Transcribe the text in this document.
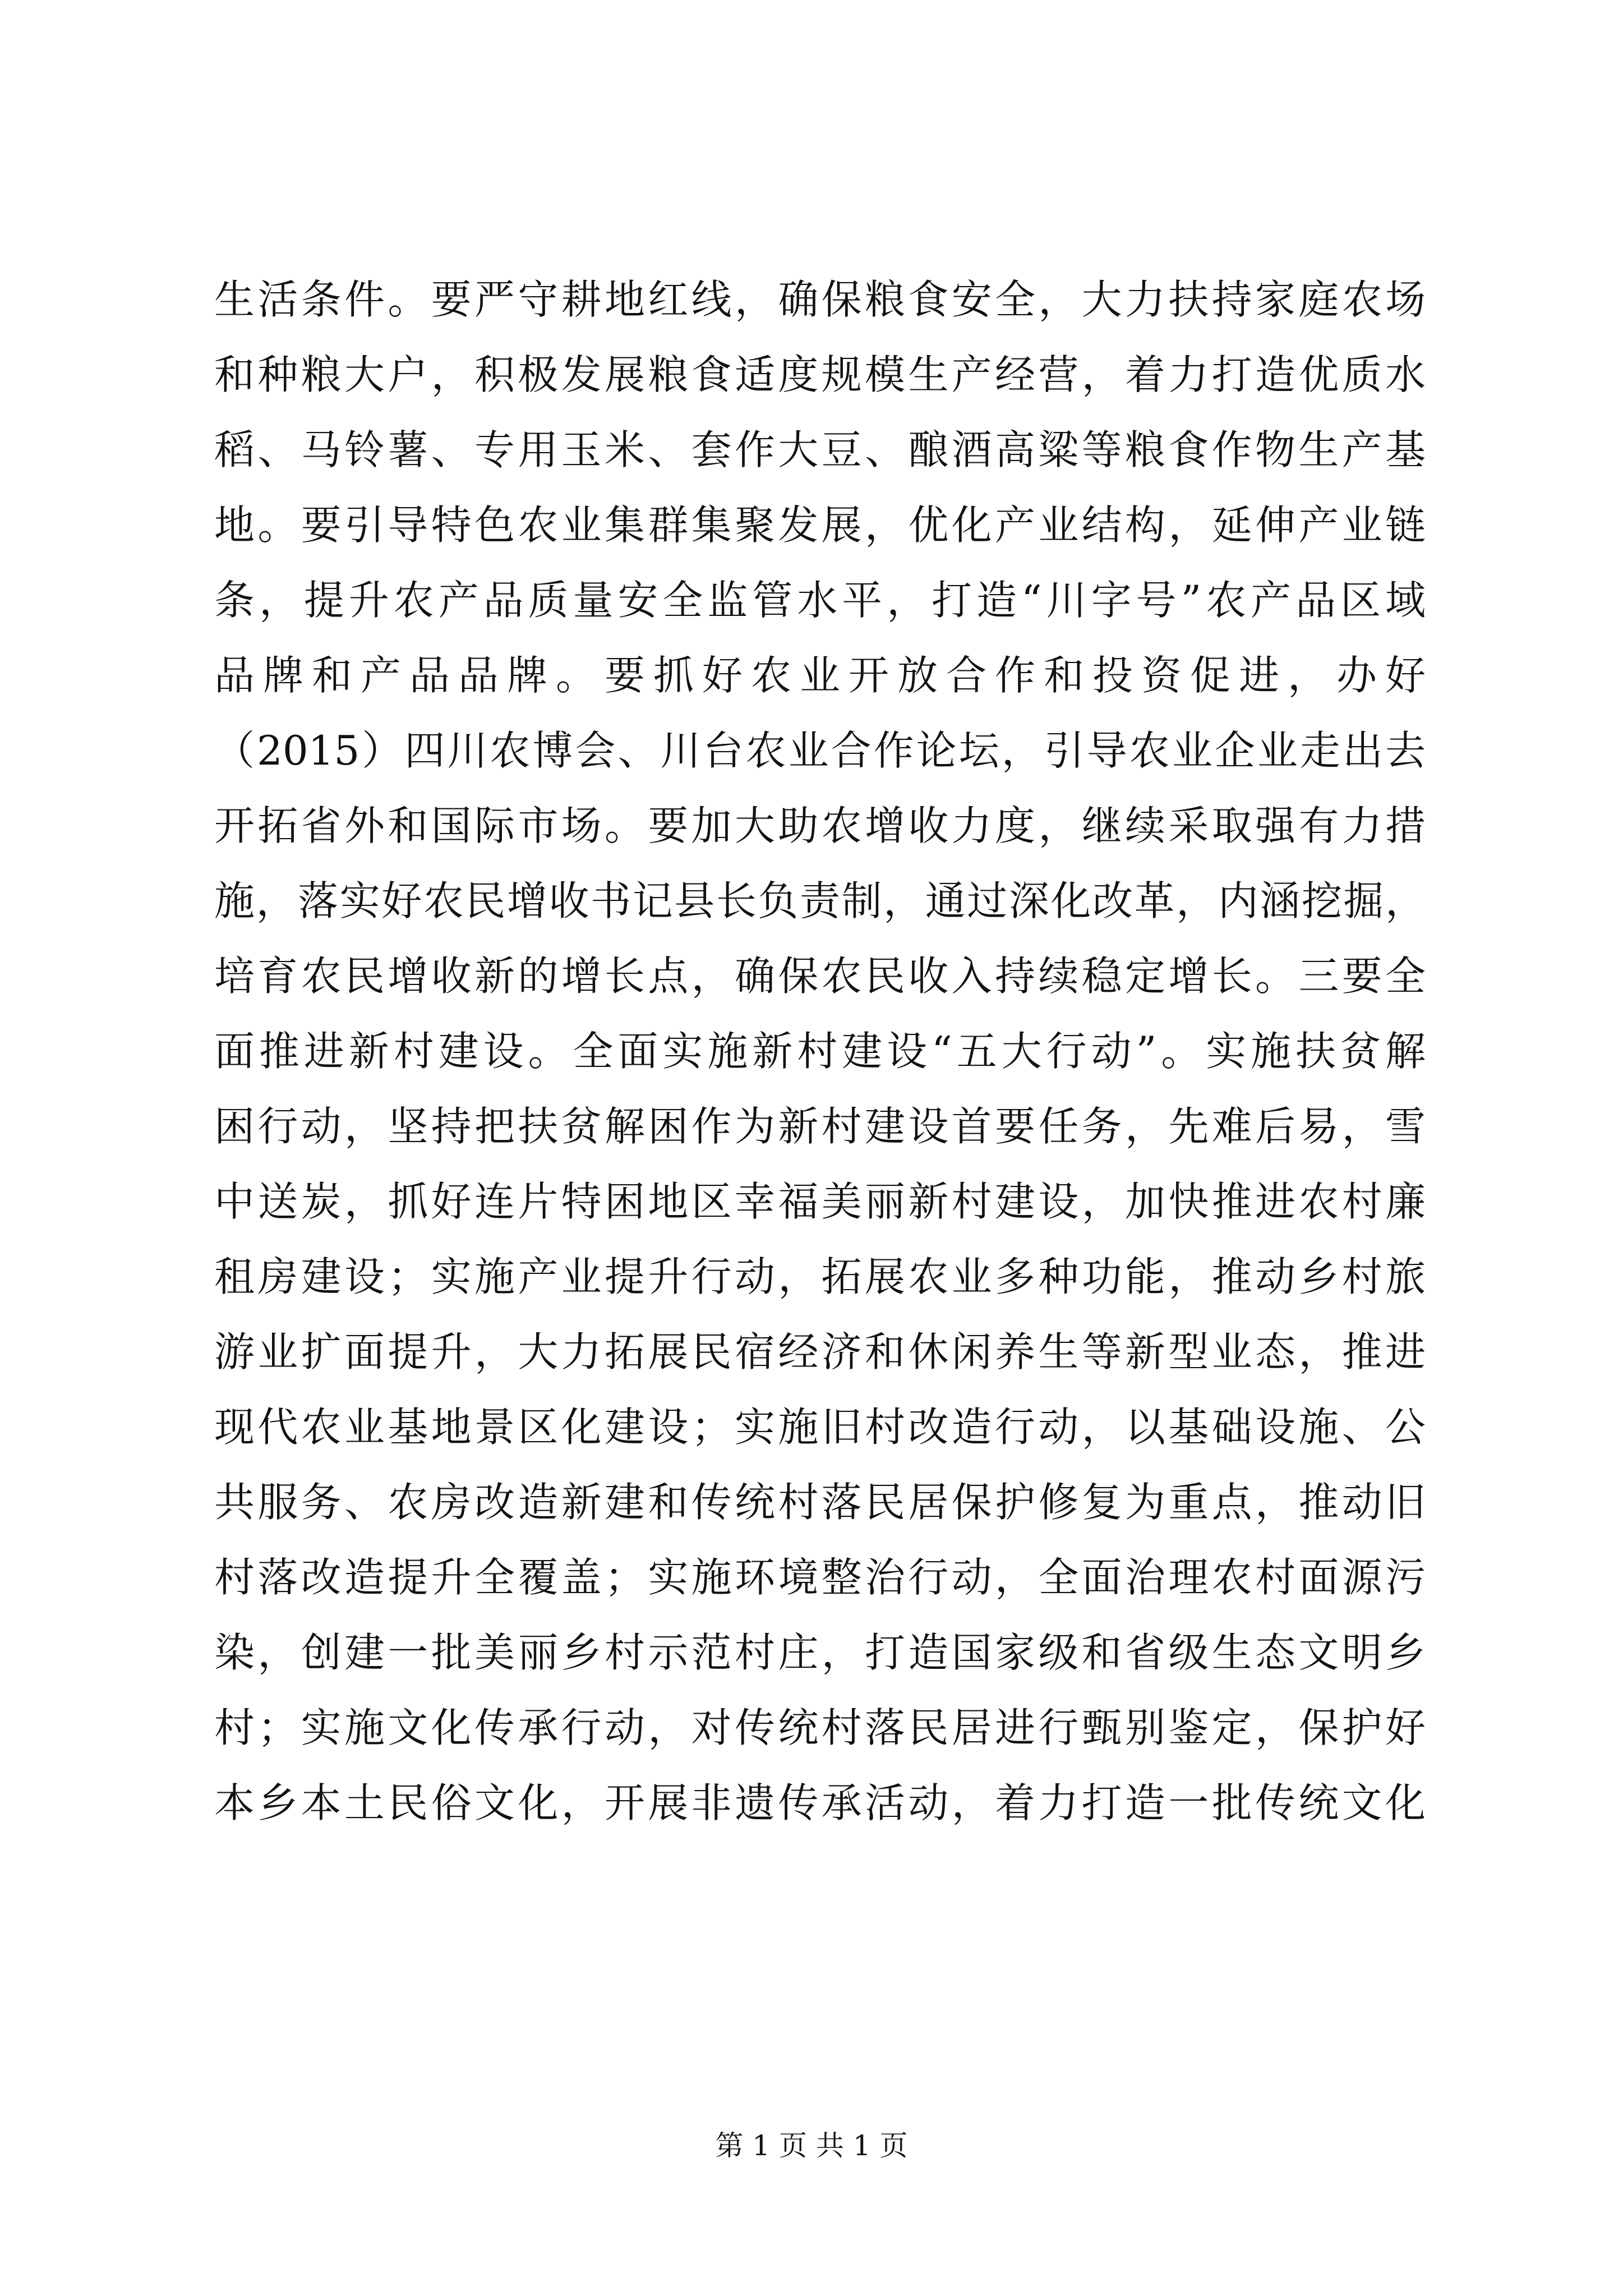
生活条件。要严守耕地红线，确保粮食安全，大力扶持家庭农场
和种粮大户，积极发展粮食适度规模生产经营，着力打造优质水
稻、马铃薯、专用玉米、套作大豆、酿酒高粱等粮食作物生产基
地。要引导特色农业集群集聚发展，优化产业结构，延伸产业链
条，提升农产品质量安全监管水平，打造“川字号”农产品区域
品牌和产品品牌。要抓好农业开放合作和投资促进，办好
（2015）四川农博会、川台农业合作论坛，引导农业企业走出去
开拓省外和国际市场。要加大助农增收力度，继续采取强有力措
施，落实好农民增收书记县长负责制，通过深化改革，内涵挖掘，
培育农民增收新的增长点，确保农民收入持续稳定增长。三要全
面推进新村建设。全面实施新村建设“五大行动”。实施扶贫解
困行动，坚持把扶贫解困作为新村建设首要任务，先难后易，雪
中送炭，抓好连片特困地区幸福美丽新村建设，加快推进农村廉
租房建设；实施产业提升行动，拓展农业多种功能，推动乡村旅
游业扩面提升，大力拓展民宿经济和休闲养生等新型业态，推进
现代农业基地景区化建设；实施旧村改造行动，以基础设施、公
共服务、农房改造新建和传统村落民居保护修复为重点，推动旧
村落改造提升全覆盖；实施环境整治行动，全面治理农村面源污
染，创建一批美丽乡村示范村庄，打造国家级和省级生态文明乡
村；实施文化传承行动，对传统村落民居进行甄别鉴定，保护好
本乡本土民俗文化，开展非遗传承活动，着力打造一批传统文化
第 1 页 共 1 页
